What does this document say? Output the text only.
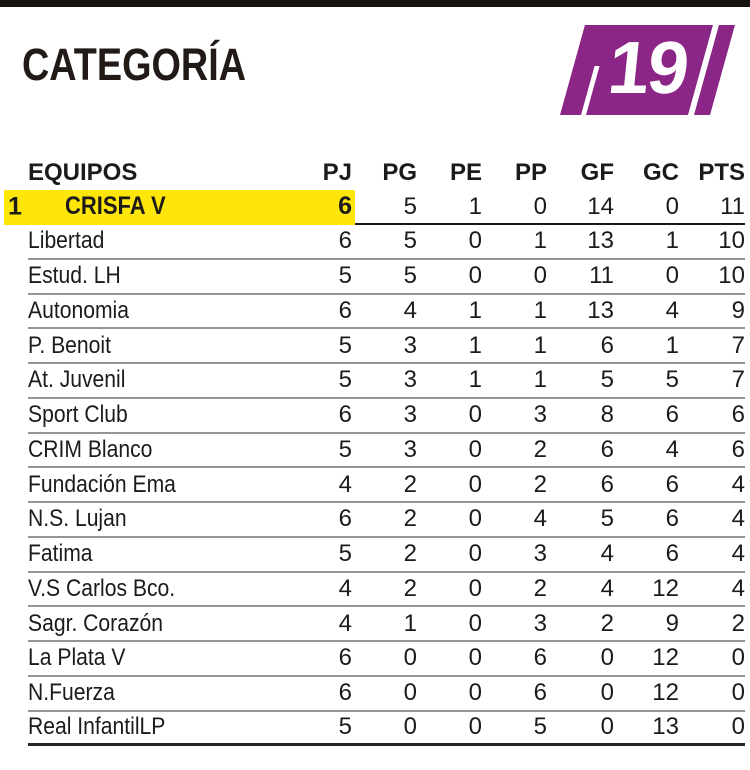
CATEGORÍA	19
EQUIPOS	PJ	PG	PE	PP	GF	GC PTS
1	CRISFA V	6	5	1	0	14	0	11
Libertad	6	5	0	1	13	1	10
Estud. LH	5	5	0	0	11	0	10
Autonomia	6	4	1	1	13	4	9
P. Benoit	5	3	1	1	6	1	7
At. Juvenil	5	3	1	1	5	5	7
Sport Club	6	3	0	3	8	6	6
CRIM Blanco	5	3	0	2	6	4	6
Fundación Ema	4	2	0	2	6	6	4
N.S. Lujan	6	2	0	4	5	6	4
Fatima	5	2	0	3	4	6	4
V.S Carlos Bco.	4	2	0	2	4	12	4
Sagr. Corazón	4	1	0	3	2	9	2
La Plata V	6	0	0	6	0	12	0
N.Fuerza	6	0	0	6	0	12	0
Real InfantilLP	5	0	0	5	0	13	0
